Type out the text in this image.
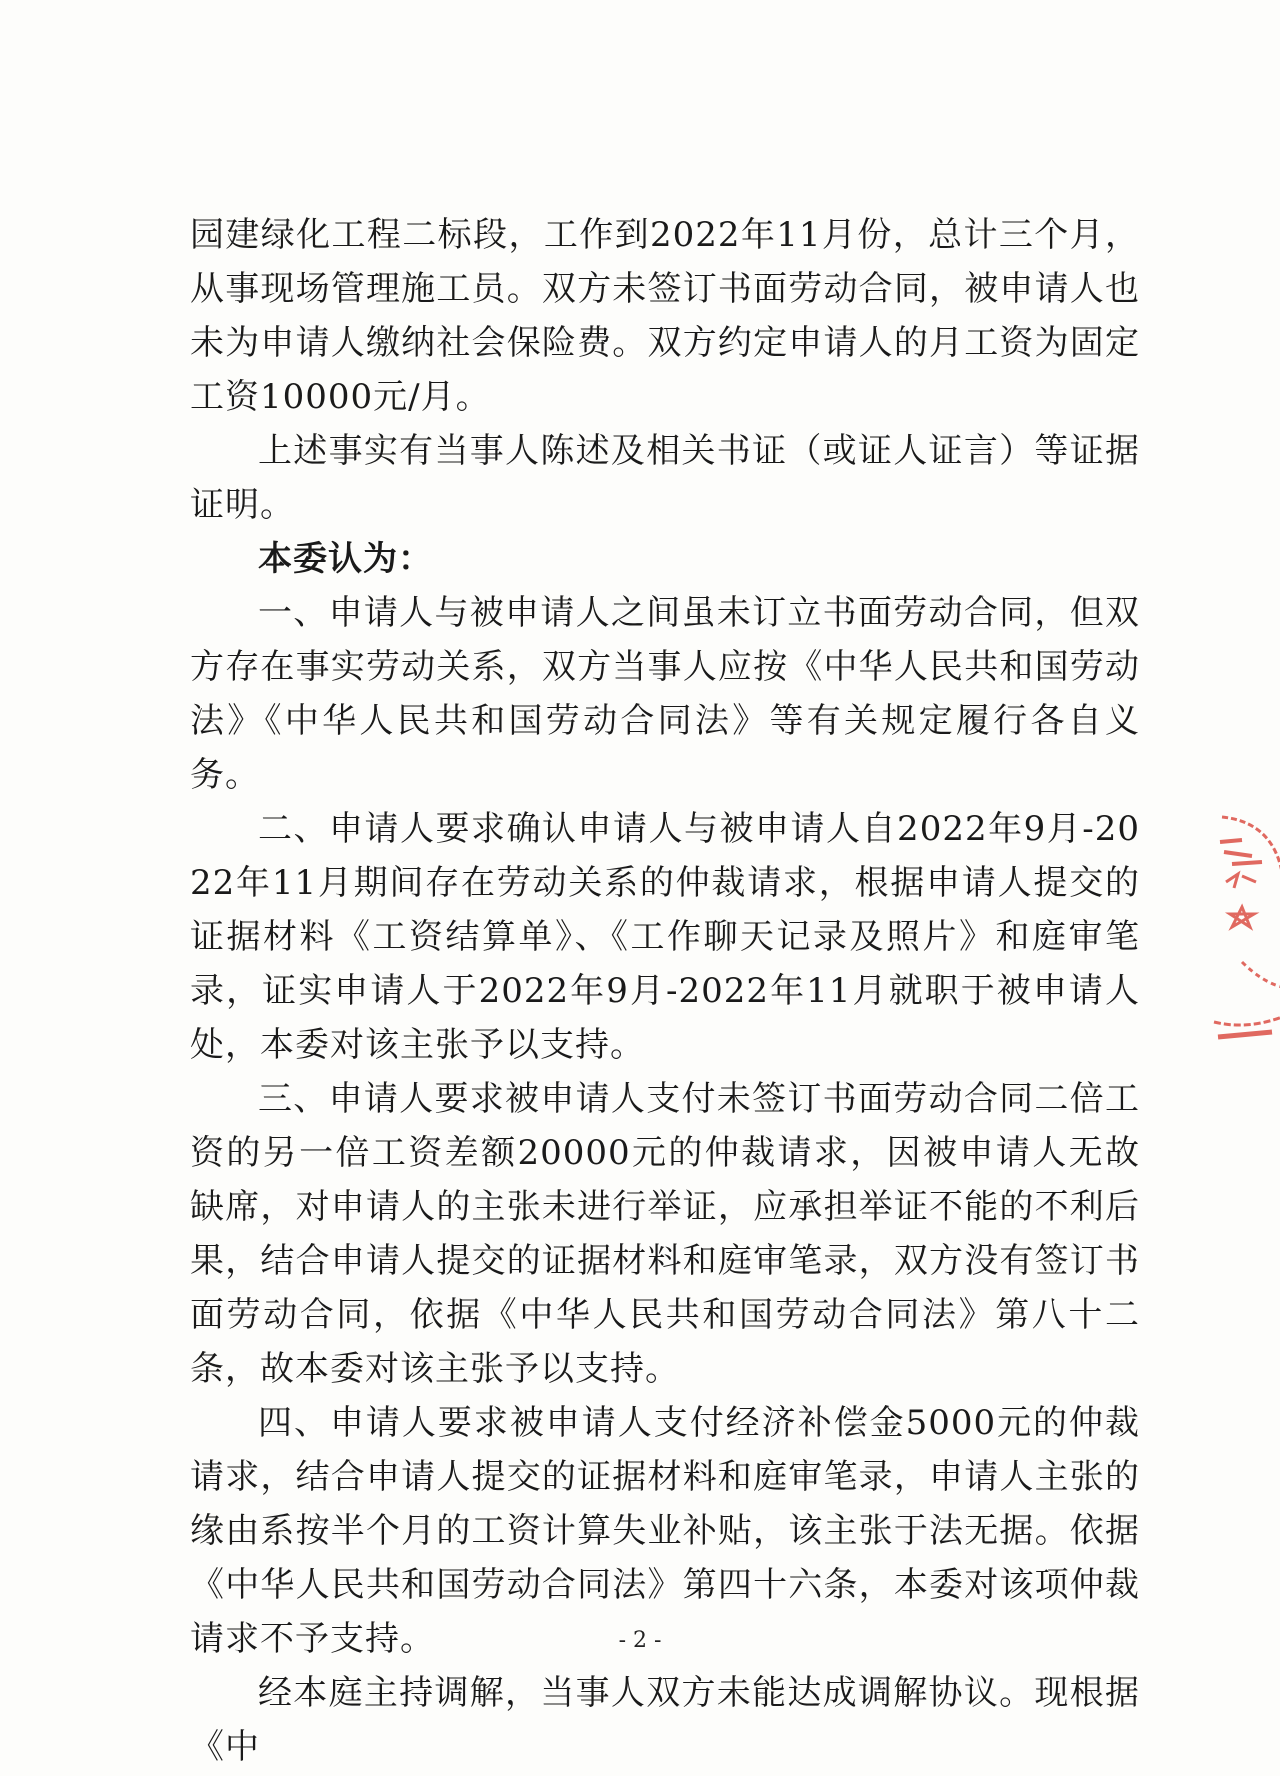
园建绿化工程二标段，工作到2022年11月份，总计三个月，从事现场管理施工员。双方未签订书面劳动合同，被申请人也未为申请人缴纳社会保险费。双方约定申请人的月工资为固定工资10000元/月。

上述事实有当事人陈述及相关书证（或证人证言）等证据证明。

本委认为：

一、申请人与被申请人之间虽未订立书面劳动合同，但双方存在事实劳动关系，双方当事人应按《中华人民共和国劳动法》《中华人民共和国劳动合同法》等有关规定履行各自义务。

二、申请人要求确认申请人与被申请人自2022年9月-2022年11月期间存在劳动关系的仲裁请求，根据申请人提交的证据材料《工资结算单》、《工作聊天记录及照片》和庭审笔录，证实申请人于2022年9月-2022年11月就职于被申请人处，本委对该主张予以支持。

三、申请人要求被申请人支付未签订书面劳动合同二倍工资的另一倍工资差额20000元的仲裁请求，因被申请人无故缺席，对申请人的主张未进行举证，应承担举证不能的不利后果，结合申请人提交的证据材料和庭审笔录，双方没有签订书面劳动合同，依据《中华人民共和国劳动合同法》第八十二条，故本委对该主张予以支持。

四、申请人要求被申请人支付经济补偿金5000元的仲裁请求，结合申请人提交的证据材料和庭审笔录，申请人主张的缘由系按半个月的工资计算失业补贴，该主张于法无据。依据《中华人民共和国劳动合同法》第四十六条，本委对该项仲裁请求不予支持。

经本庭主持调解，当事人双方未能达成调解协议。现根据《中

- 2 -
